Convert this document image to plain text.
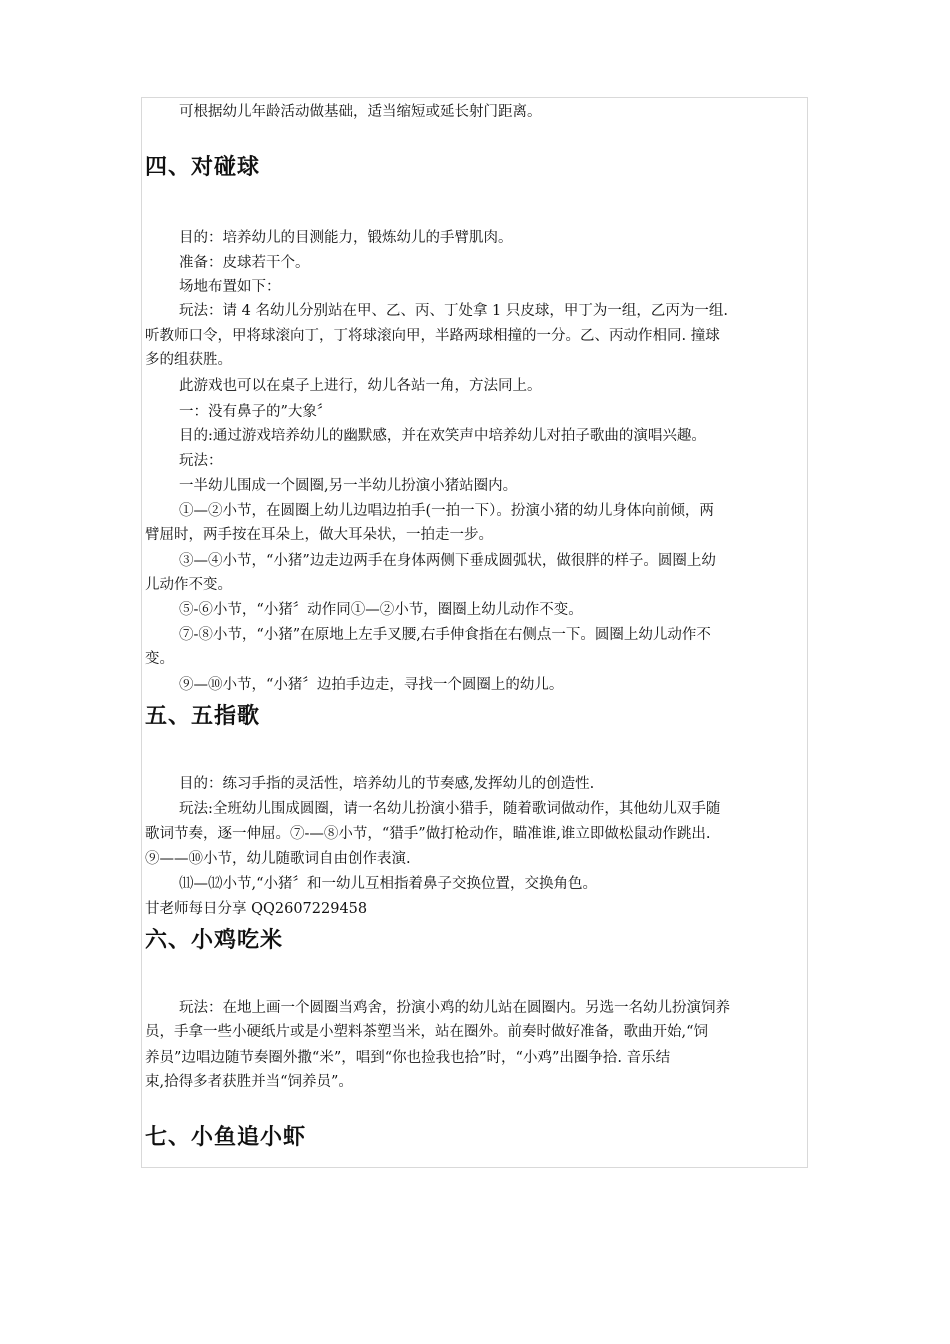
可根据幼儿年龄活动做基础，适当缩短或延长射门距离。
四、对碰球
目的：培养幼儿的目测能力，锻炼幼儿的手臂肌肉。
准备：皮球若干个。
场地布置如下：
玩法：请 4 名幼儿分别站在甲、乙、丙、丁处拿 1 只皮球，甲丁为一组，乙丙为一组.
听教师口令，甲将球滚向丁，丁将球滚向甲，半路两球相撞的一分。乙、丙动作相同. 撞球
多的组获胜。
此游戏也可以在桌子上进行，幼儿各站一角，方法同上。
一：没有鼻子的”大象〞
目的:通过游戏培养幼儿的幽默感，并在欢笑声中培养幼儿对拍子歌曲的演唱兴趣。
玩法：
一半幼儿围成一个圆圈,另一半幼儿扮演小猪站圈内。
①—②小节，在圆圈上幼儿边唱边拍手(一拍一下）。扮演小猪的幼儿身体向前倾，两
臂屈时，两手按在耳朵上，做大耳朵状，一拍走一步。
③—④小节，“小猪”边走边两手在身体两侧下垂成圆弧状，做很胖的样子。圆圈上幼
儿动作不变。
⑤-⑥小节，“小猪〞动作同①—②小节，圈圈上幼儿动作不变。
⑦-⑧小节，“小猪”在原地上左手叉腰,右手伸食指在右侧点一下。圆圈上幼儿动作不
变。
⑨—⑩小节，“小猪〞边拍手边走，寻找一个圆圈上的幼儿。
五、五指歌
目的：练习手指的灵活性，培养幼儿的节奏感,发挥幼儿的创造性.
玩法:全班幼儿围成圆圈，请一名幼儿扮演小猎手，随着歌词做动作，其他幼儿双手随
歌词节奏，逐一伸屈。⑦-—⑧小节，“猎手”做打枪动作，瞄准谁,谁立即做松鼠动作跳出.
⑨——⑩小节，幼儿随歌词自由创作表演.
⑾—⑿小节,“小猪〞和一幼儿互相指着鼻子交换位置，交换角色。
甘老师每日分享 QQ2607229458
六、小鸡吃米
玩法：在地上画一个圆圈当鸡舍，扮演小鸡的幼儿站在圆圈内。另选一名幼儿扮演饲养
员，手拿一些小硬纸片或是小塑料茶塑当米，站在圈外。前奏时做好准备，歌曲开始,“饲
养员”边唱边随节奏圈外撒“米”，唱到“你也捡我也拾”时，“小鸡”出圈争拾. 音乐结
束,拾得多者获胜并当“饲养员”。
七、小鱼追小虾
